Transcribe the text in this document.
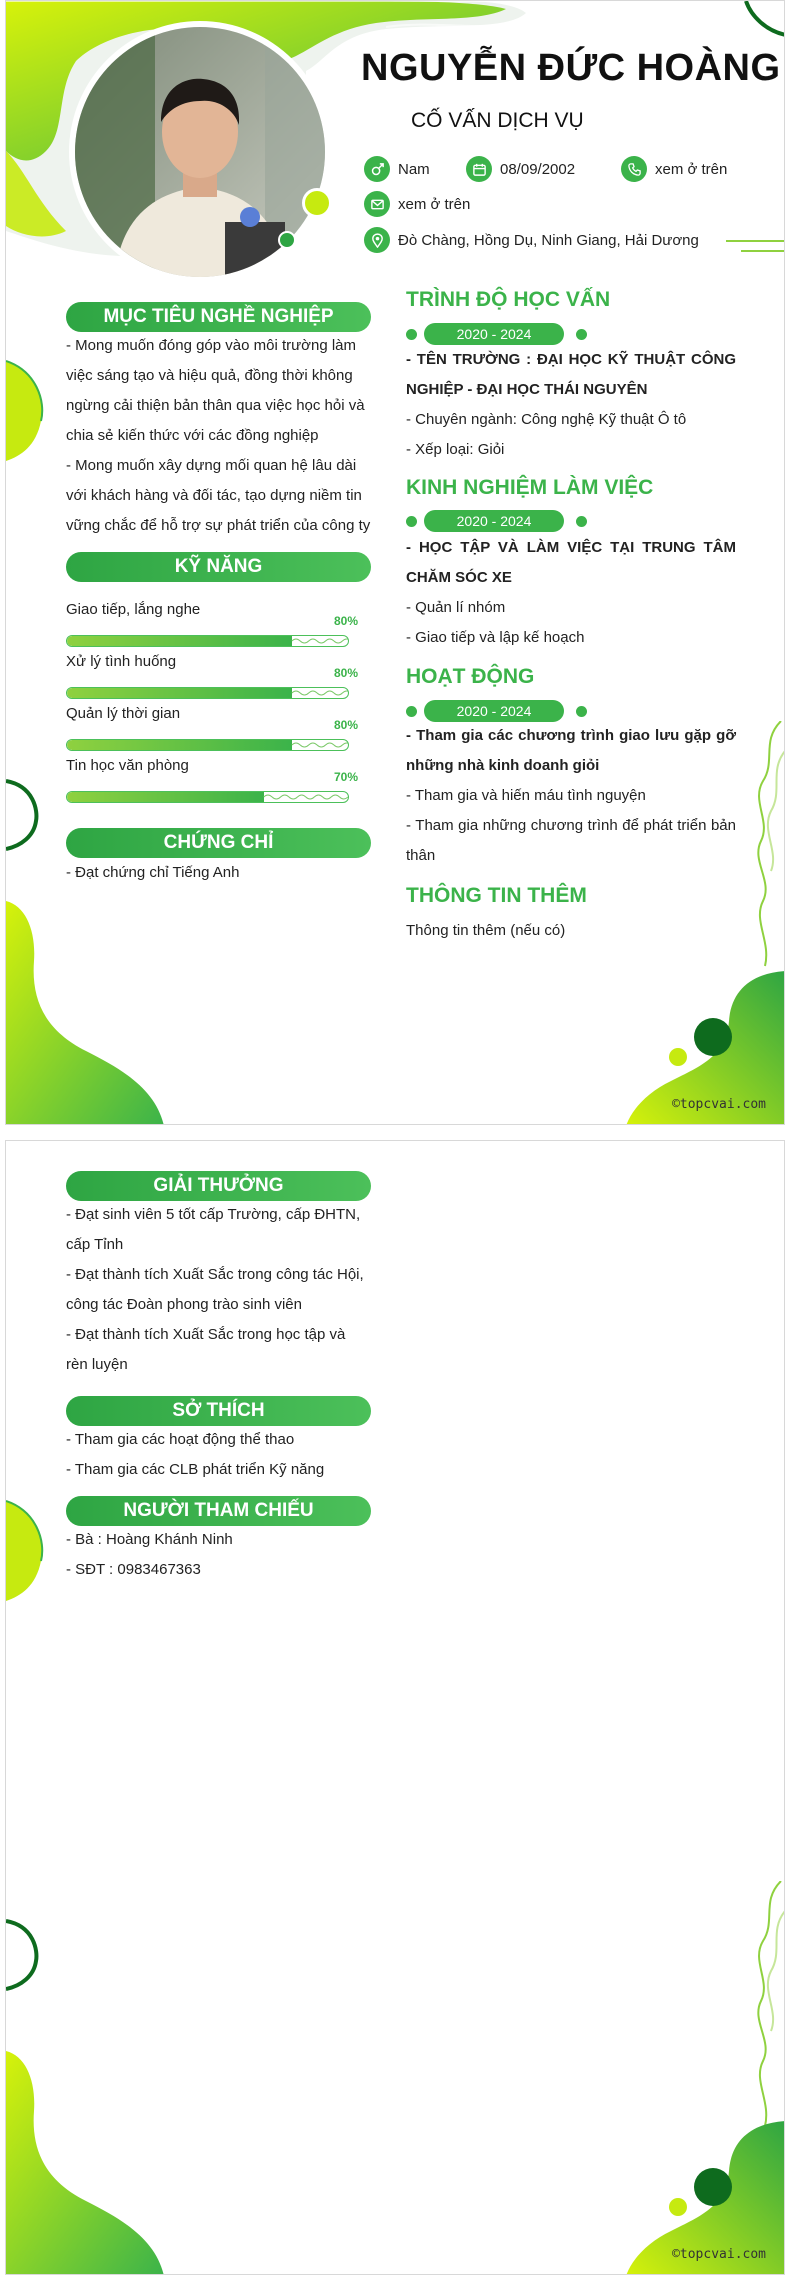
NGUYỄN ĐỨC HOÀNG
CỐ VẤN DỊCH VỤ
Nam	08/09/2002	xem ở trên
xem ở trên
Đò Chàng, Hồng Dụ, Ninh Giang, Hải Dương
MỤC TIÊU NGHỀ NGHIỆP

- Mong muốn đóng góp vào môi trường làm việc sáng tạo và hiệu quả, đồng thời không ngừng cải thiện bản thân qua việc học hỏi và chia sẻ kiến thức với các đồng nghiệp

- Mong muốn xây dựng mối quan hệ lâu dài với khách hàng và đối tác, tạo dựng niềm tin vững chắc để hỗ trợ sự phát triển của công ty

KỸ NĂNG
Giao tiếp, lắng nghe
80%
Xử lý tình huống
80%
Quản lý thời gian
80%
Tin học văn phòng
70%
CHỨNG CHỈ

- Đạt chứng chỉ Tiếng Anh

TRÌNH ĐỘ HỌC VẤN
2020 - 2024

- TÊN TRƯỜNG : ĐẠI HỌC KỸ THUẬT CÔNG NGHIỆP - ĐẠI HỌC THÁI NGUYÊN

- Chuyên ngành: Công nghệ Kỹ thuật Ô tô

- Xếp loại: Giỏi

KINH NGHIỆM LÀM VIỆC
2020 - 2024

- HỌC TẬP VÀ LÀM VIỆC TẠI TRUNG TÂM CHĂM SÓC XE

- Quản lí nhóm

- Giao tiếp và lập kế hoạch

HOẠT ĐỘNG
2020 - 2024

- Tham gia các chương trình giao lưu gặp gỡ những nhà kinh doanh giỏi

- Tham gia và hiến máu tình nguyện

- Tham gia những chương trình để phát triển bản thân

THÔNG TIN THÊM
Thông tin thêm (nếu có)
©topcvai.com
GIẢI THƯỞNG

- Đạt sinh viên 5 tốt cấp Trường, cấp ĐHTN, cấp Tỉnh

- Đạt thành tích Xuất Sắc trong công tác Hội, công tác Đoàn phong trào sinh viên

- Đạt thành tích Xuất Sắc trong học tập và rèn luyện

SỞ THÍCH

- Tham gia các hoạt động thể thao

- Tham gia các CLB phát triển Kỹ năng

NGƯỜI THAM CHIẾU

- Bà : Hoàng Khánh Ninh

- SĐT : 0983467363

©topcvai.com
